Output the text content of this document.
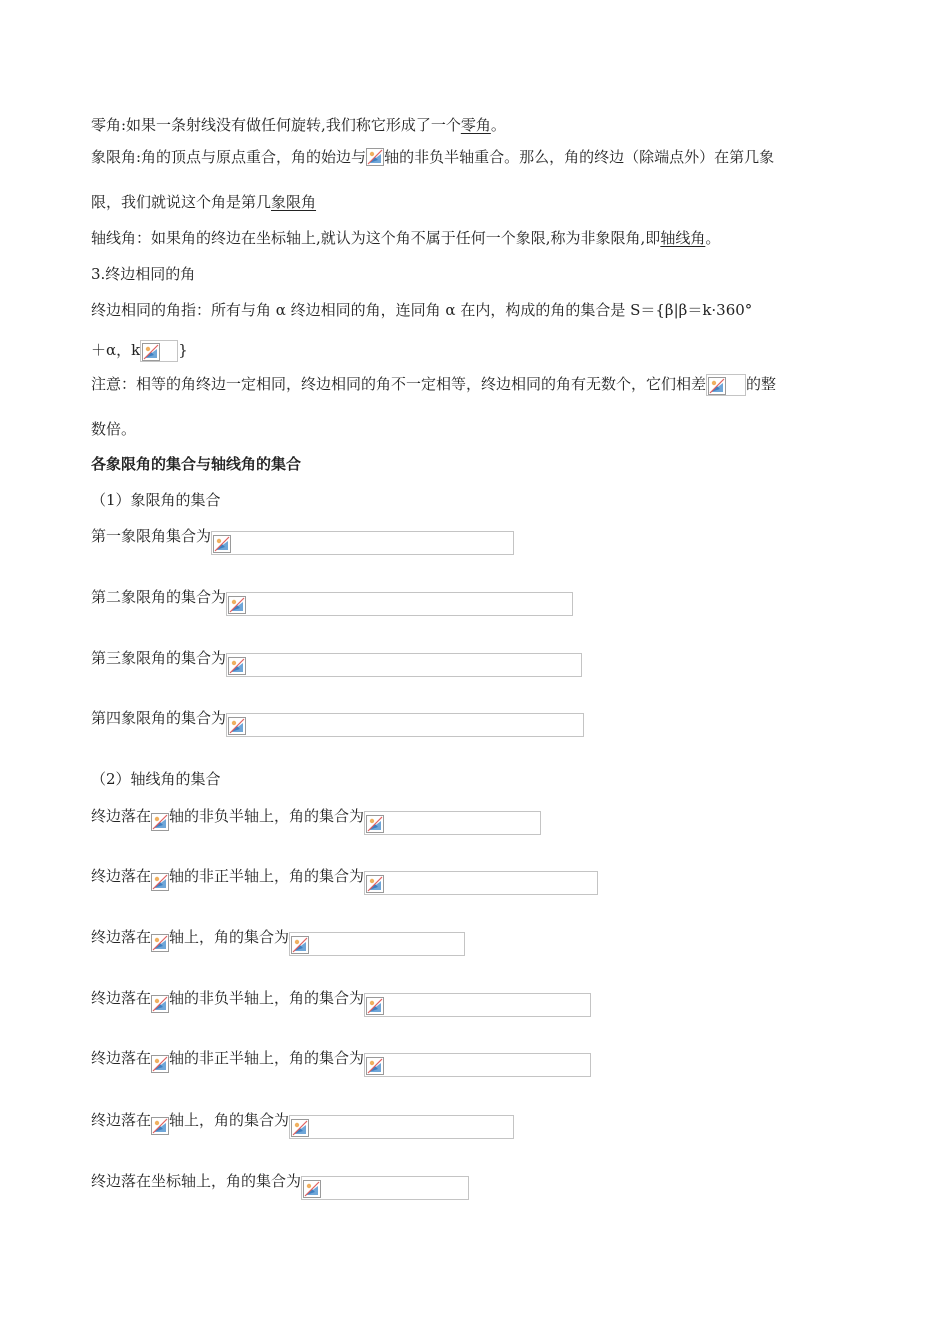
零角:如果一条射线没有做任何旋转,我们称它形成了一个零角。
象限角:角的顶点与原点重合，角的始边与 轴的非负半轴重合。那么，角的终边（除端点外）在第几象
限，我们就说这个角是第几象限角
轴线角：如果角的终边在坐标轴上,就认为这个角不属于任何一个象限,称为非象限角,即轴线角。
3.终边相同的角
终边相同的角指：所有与角 α 终边相同的角，连同角 α 在内，构成的角的集合是 S＝{β|β＝k·360°
＋α，k	}
注意：相等的角终边一定相同，终边相同的角不一定相等，终边相同的角有无数个，它们相差	的整
数倍。
各象限角的集合与轴线角的集合
（1）象限角的集合
第一象限角集合为
第二象限角的集合为
第三象限角的集合为
第四象限角的集合为
（2）轴线角的集合
终边落在 轴的非负半轴上，角的集合为
终边落在 轴的非正半轴上，角的集合为
终边落在 轴上，角的集合为
终边落在 轴的非负半轴上，角的集合为
终边落在 轴的非正半轴上，角的集合为
终边落在 轴上，角的集合为
终边落在坐标轴上，角的集合为
